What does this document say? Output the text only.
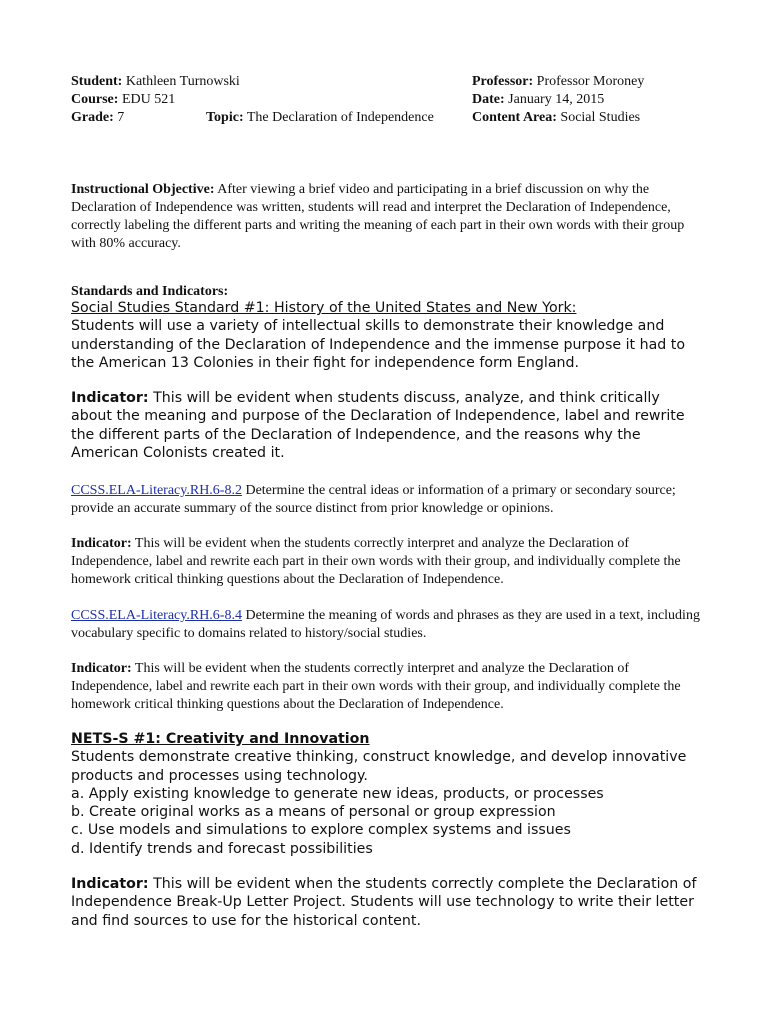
Student: Kathleen Turnowski
Course: EDU 521
Grade: 7	Topic: The Declaration of Independence
Professor: Professor Moroney
Date: January 14, 2015
Content Area: Social Studies

Instructional Objective: After viewing a brief video and participating in a brief discussion on why the Declaration of Independence was written, students will read and interpret the Declaration of Independence, correctly labeling the different parts and writing the meaning of each part in their own words with their group with 80% accuracy.

Standards and Indicators:
Social Studies Standard #1: History of the United States and New York:
Students will use a variety of intellectual skills to demonstrate their knowledge and understanding of the Declaration of Independence and the immense purpose it had to the American 13 Colonies in their fight for independence form England.

Indicator: This will be evident when students discuss, analyze, and think critically about the meaning and purpose of the Declaration of Independence, label and rewrite the different parts of the Declaration of Independence, and the reasons why the American Colonists created it.

CCSS.ELA-Literacy.RH.6-8.2 Determine the central ideas or information of a primary or secondary source; provide an accurate summary of the source distinct from prior knowledge or opinions.

Indicator: This will be evident when the students correctly interpret and analyze the Declaration of Independence, label and rewrite each part in their own words with their group, and individually complete the homework critical thinking questions about the Declaration of Independence.

CCSS.ELA-Literacy.RH.6-8.4 Determine the meaning of words and phrases as they are used in a text, including vocabulary specific to domains related to history/social studies.

Indicator: This will be evident when the students correctly interpret and analyze the Declaration of Independence, label and rewrite each part in their own words with their group, and individually complete the homework critical thinking questions about the Declaration of Independence.

NETS-S #1: Creativity and Innovation
Students demonstrate creative thinking, construct knowledge, and develop innovative products and processes using technology.
a. Apply existing knowledge to generate new ideas, products, or processes
b. Create original works as a means of personal or group expression
c. Use models and simulations to explore complex systems and issues
d. Identify trends and forecast possibilities

Indicator: This will be evident when the students correctly complete the Declaration of Independence Break-Up Letter Project. Students will use technology to write their letter and find sources to use for the historical content.
